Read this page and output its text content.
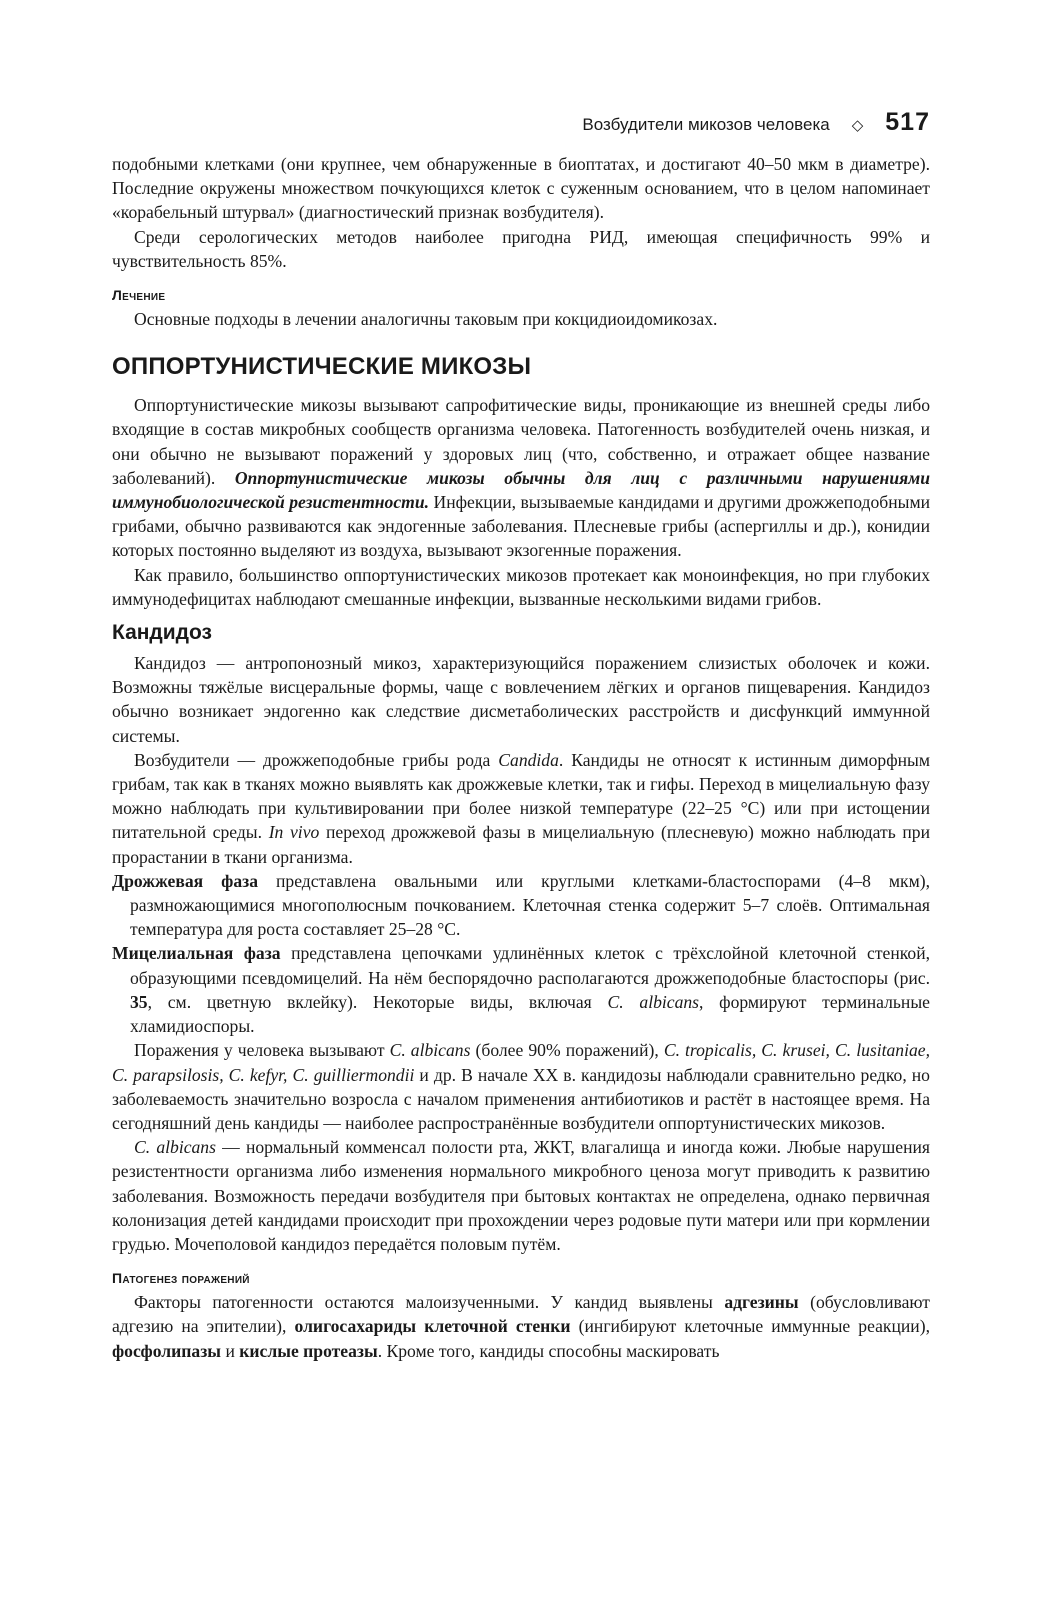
Возбудители микозов человека ◇ 517

подобными клетками (они крупнее, чем обнаруженные в биоптатах, и достигают 40–50 мкм в диаметре). Последние окружены множеством почкующихся клеток с суженным основанием, что в целом напоминает «корабельный штурвал» (диагностический признак возбудителя).

Среди серологических методов наиболее пригодна РИД, имеющая специфичность 99% и чувствительность 85%.

Лечение

Основные подходы в лечении аналогичны таковым при кокцидиоидомикозах.

ОППОРТУНИСТИЧЕСКИЕ МИКОЗЫ

Оппортунистические микозы вызывают сапрофитические виды, проникающие из внешней среды либо входящие в состав микробных сообществ организма человека. Патогенность возбудителей очень низкая, и они обычно не вызывают поражений у здоровых лиц (что, собственно, и отражает общее название заболеваний). Оппортунистические микозы обычны для лиц с различными нарушениями иммунобиологической резистентности. Инфекции, вызываемые кандидами и другими дрожжеподобными грибами, обычно развиваются как эндогенные заболевания. Плесневые грибы (аспергиллы и др.), конидии которых постоянно выделяют из воздуха, вызывают экзогенные поражения.

Как правило, большинство оппортунистических микозов протекает как моноинфекция, но при глубоких иммунодефицитах наблюдают смешанные инфекции, вызванные несколькими видами грибов.

Кандидоз

Кандидоз — антропонозный микоз, характеризующийся поражением слизистых оболочек и кожи. Возможны тяжёлые висцеральные формы, чаще с вовлечением лёгких и органов пищеварения. Кандидоз обычно возникает эндогенно как следствие дисметаболических расстройств и дисфункций иммунной системы.

Возбудители — дрожжеподобные грибы рода Candida. Кандиды не относят к истинным диморфным грибам, так как в тканях можно выявлять как дрожжевые клетки, так и гифы. Переход в мицелиальную фазу можно наблюдать при культивировании при более низкой температуре (22–25 °С) или при истощении питательной среды. In vivo переход дрожжевой фазы в мицелиальную (плесневую) можно наблюдать при прорастании в ткани организма.

Дрожжевая фаза представлена овальными или круглыми клетками-бластоспорами (4–8 мкм), размножающимися многополюсным почкованием. Клеточная стенка содержит 5–7 слоёв. Оптимальная температура для роста составляет 25–28 °С.

Мицелиальная фаза представлена цепочками удлинённых клеток с трёхслойной клеточной стенкой, образующими псевдомицелий. На нём беспорядочно располагаются дрожжеподобные бластоспоры (рис. 35, см. цветную вклейку). Некоторые виды, включая C. albicans, формируют терминальные хламидиоспоры.

Поражения у человека вызывают C. albicans (более 90% поражений), C. tropicalis, C. krusei, C. lusitaniae, C. parapsilosis, C. kefyr, C. guilliermondii и др. В начале XX в. кандидозы наблюдали сравнительно редко, но заболеваемость значительно возросла с началом применения антибиотиков и растёт в настоящее время. На сегодняшний день кандиды — наиболее распространённые возбудители оппортунистических микозов.

C. albicans — нормальный комменсал полости рта, ЖКТ, влагалища и иногда кожи. Любые нарушения резистентности организма либо изменения нормального микробного ценоза могут приводить к развитию заболевания. Возможность передачи возбудителя при бытовых контактах не определена, однако первичная колонизация детей кандидами происходит при прохождении через родовые пути матери или при кормлении грудью. Мочеполовой кандидоз передаётся половым путём.

Патогенез поражений

Факторы патогенности остаются малоизученными. У кандид выявлены адгезины (обусловливают адгезию на эпителии), олигосахариды клеточной стенки (ингибируют клеточные иммунные реакции), фосфолипазы и кислые протеазы. Кроме того, кандиды способны маскировать
